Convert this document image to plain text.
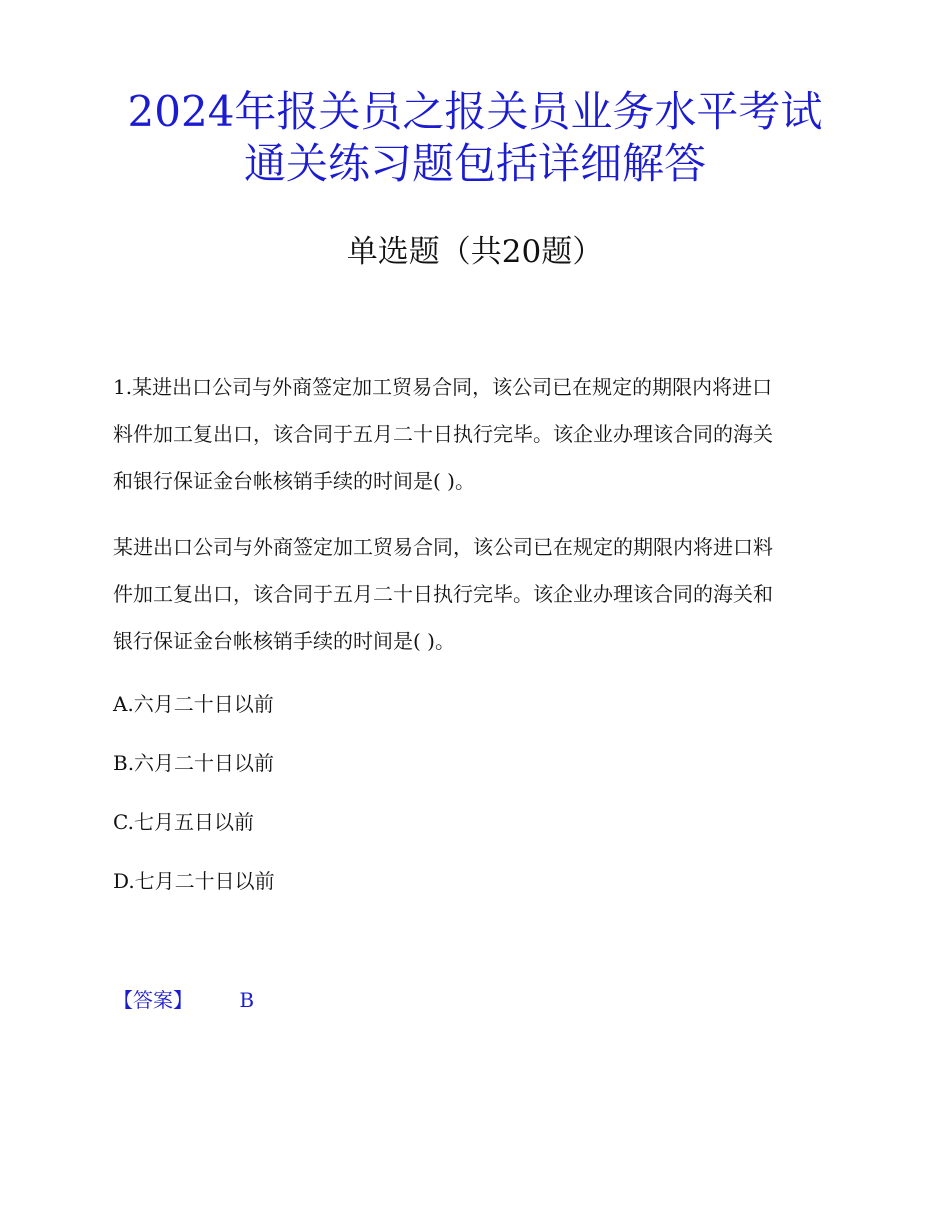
2024年报关员之报关员业务水平考试
通关练习题包括详细解答
单选题（共20题）
1.某进出口公司与外商签定加工贸易合同，该公司已在规定的期限内将进口
料件加工复出口，该合同于五月二十日执行完毕。该企业办理该合同的海关
和银行保证金台帐核销手续的时间是( )。
某进出口公司与外商签定加工贸易合同，该公司已在规定的期限内将进口料
件加工复出口，该合同于五月二十日执行完毕。该企业办理该合同的海关和
银行保证金台帐核销手续的时间是( )。
A.六月二十日以前
B.六月二十日以前
C.七月五日以前
D.七月二十日以前
【答案】 B
